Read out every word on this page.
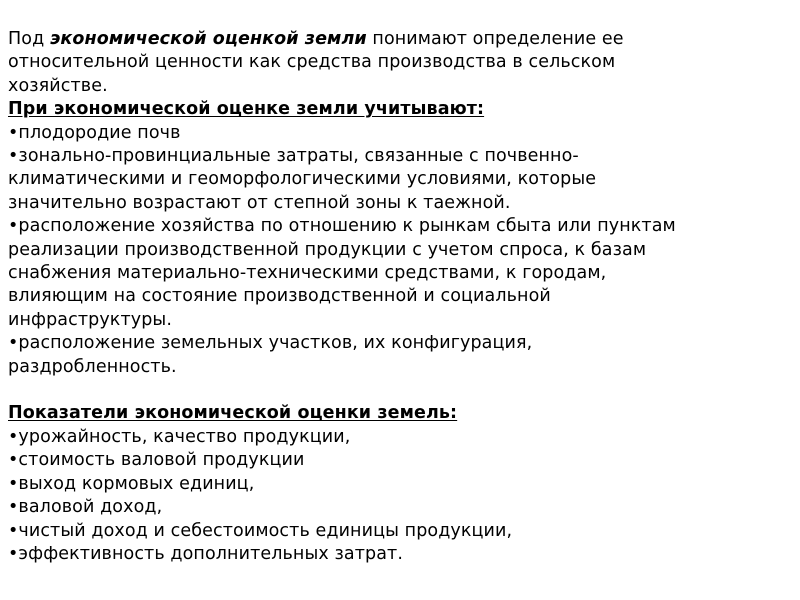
Под экономической оценкой земли понимают определение ее
относительной ценности как средства производства в сельском
хозяйстве.
При экономической оценке земли учитывают:
•плодородие почв
•зонально-провинциальные затраты, связанные с почвенно-
климатическими и геоморфологическими условиями, которые
значительно возрастают от степной зоны к таежной.
•расположение хозяйства по отношению к рынкам сбыта или пунктам
реализации производственной продукции с учетом спроса, к базам
снабжения материально-техническими средствами, к городам,
влияющим на состояние производственной и социальной
инфраструктуры.
•расположение земельных участков, их конфигурация,
раздробленность.
Показатели экономической оценки земель:
•урожайность, качество продукции,
•стоимость валовой продукции
•выход кормовых единиц,
•валовой доход,
•чистый доход и себестоимость единицы продукции,
•эффективность дополнительных затрат.
